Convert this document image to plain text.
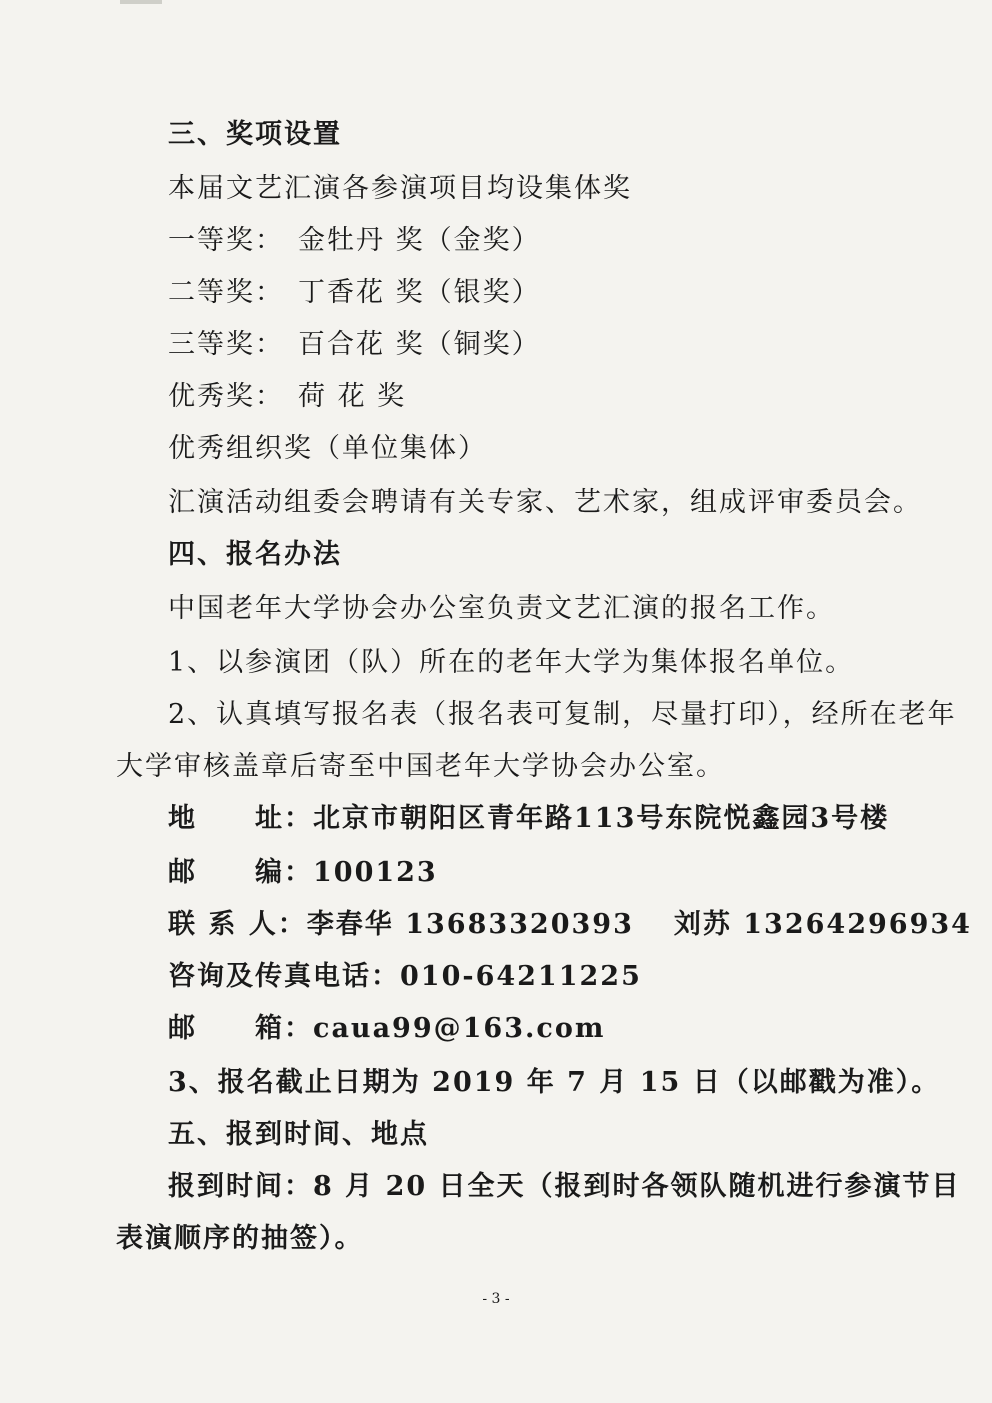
三、奖项设置
本届文艺汇演各参演项目均设集体奖
一等奖： 金牡丹 奖（金奖）
二等奖： 丁香花 奖（银奖）
三等奖： 百合花 奖（铜奖）
优秀奖： 荷 花 奖
优秀组织奖（单位集体）
汇演活动组委会聘请有关专家、艺术家，组成评审委员会。
四、报名办法
中国老年大学协会办公室负责文艺汇演的报名工作。
1、以参演团（队）所在的老年大学为集体报名单位。
2、认真填写报名表（报名表可复制，尽量打印），经所在老年
大学审核盖章后寄至中国老年大学协会办公室。
地　　址：北京市朝阳区青年路113号东院悦鑫园3号楼
邮　　编：100123
联 系 人：李春华 13683320393 刘苏 13264296934
咨询及传真电话：010-64211225
邮　　箱：caua99@163.com
3、报名截止日期为 2019 年 7 月 15 日（以邮戳为准）。
五、报到时间、地点
报到时间：8 月 20 日全天（报到时各领队随机进行参演节目
表演顺序的抽签）。
- 3 -
